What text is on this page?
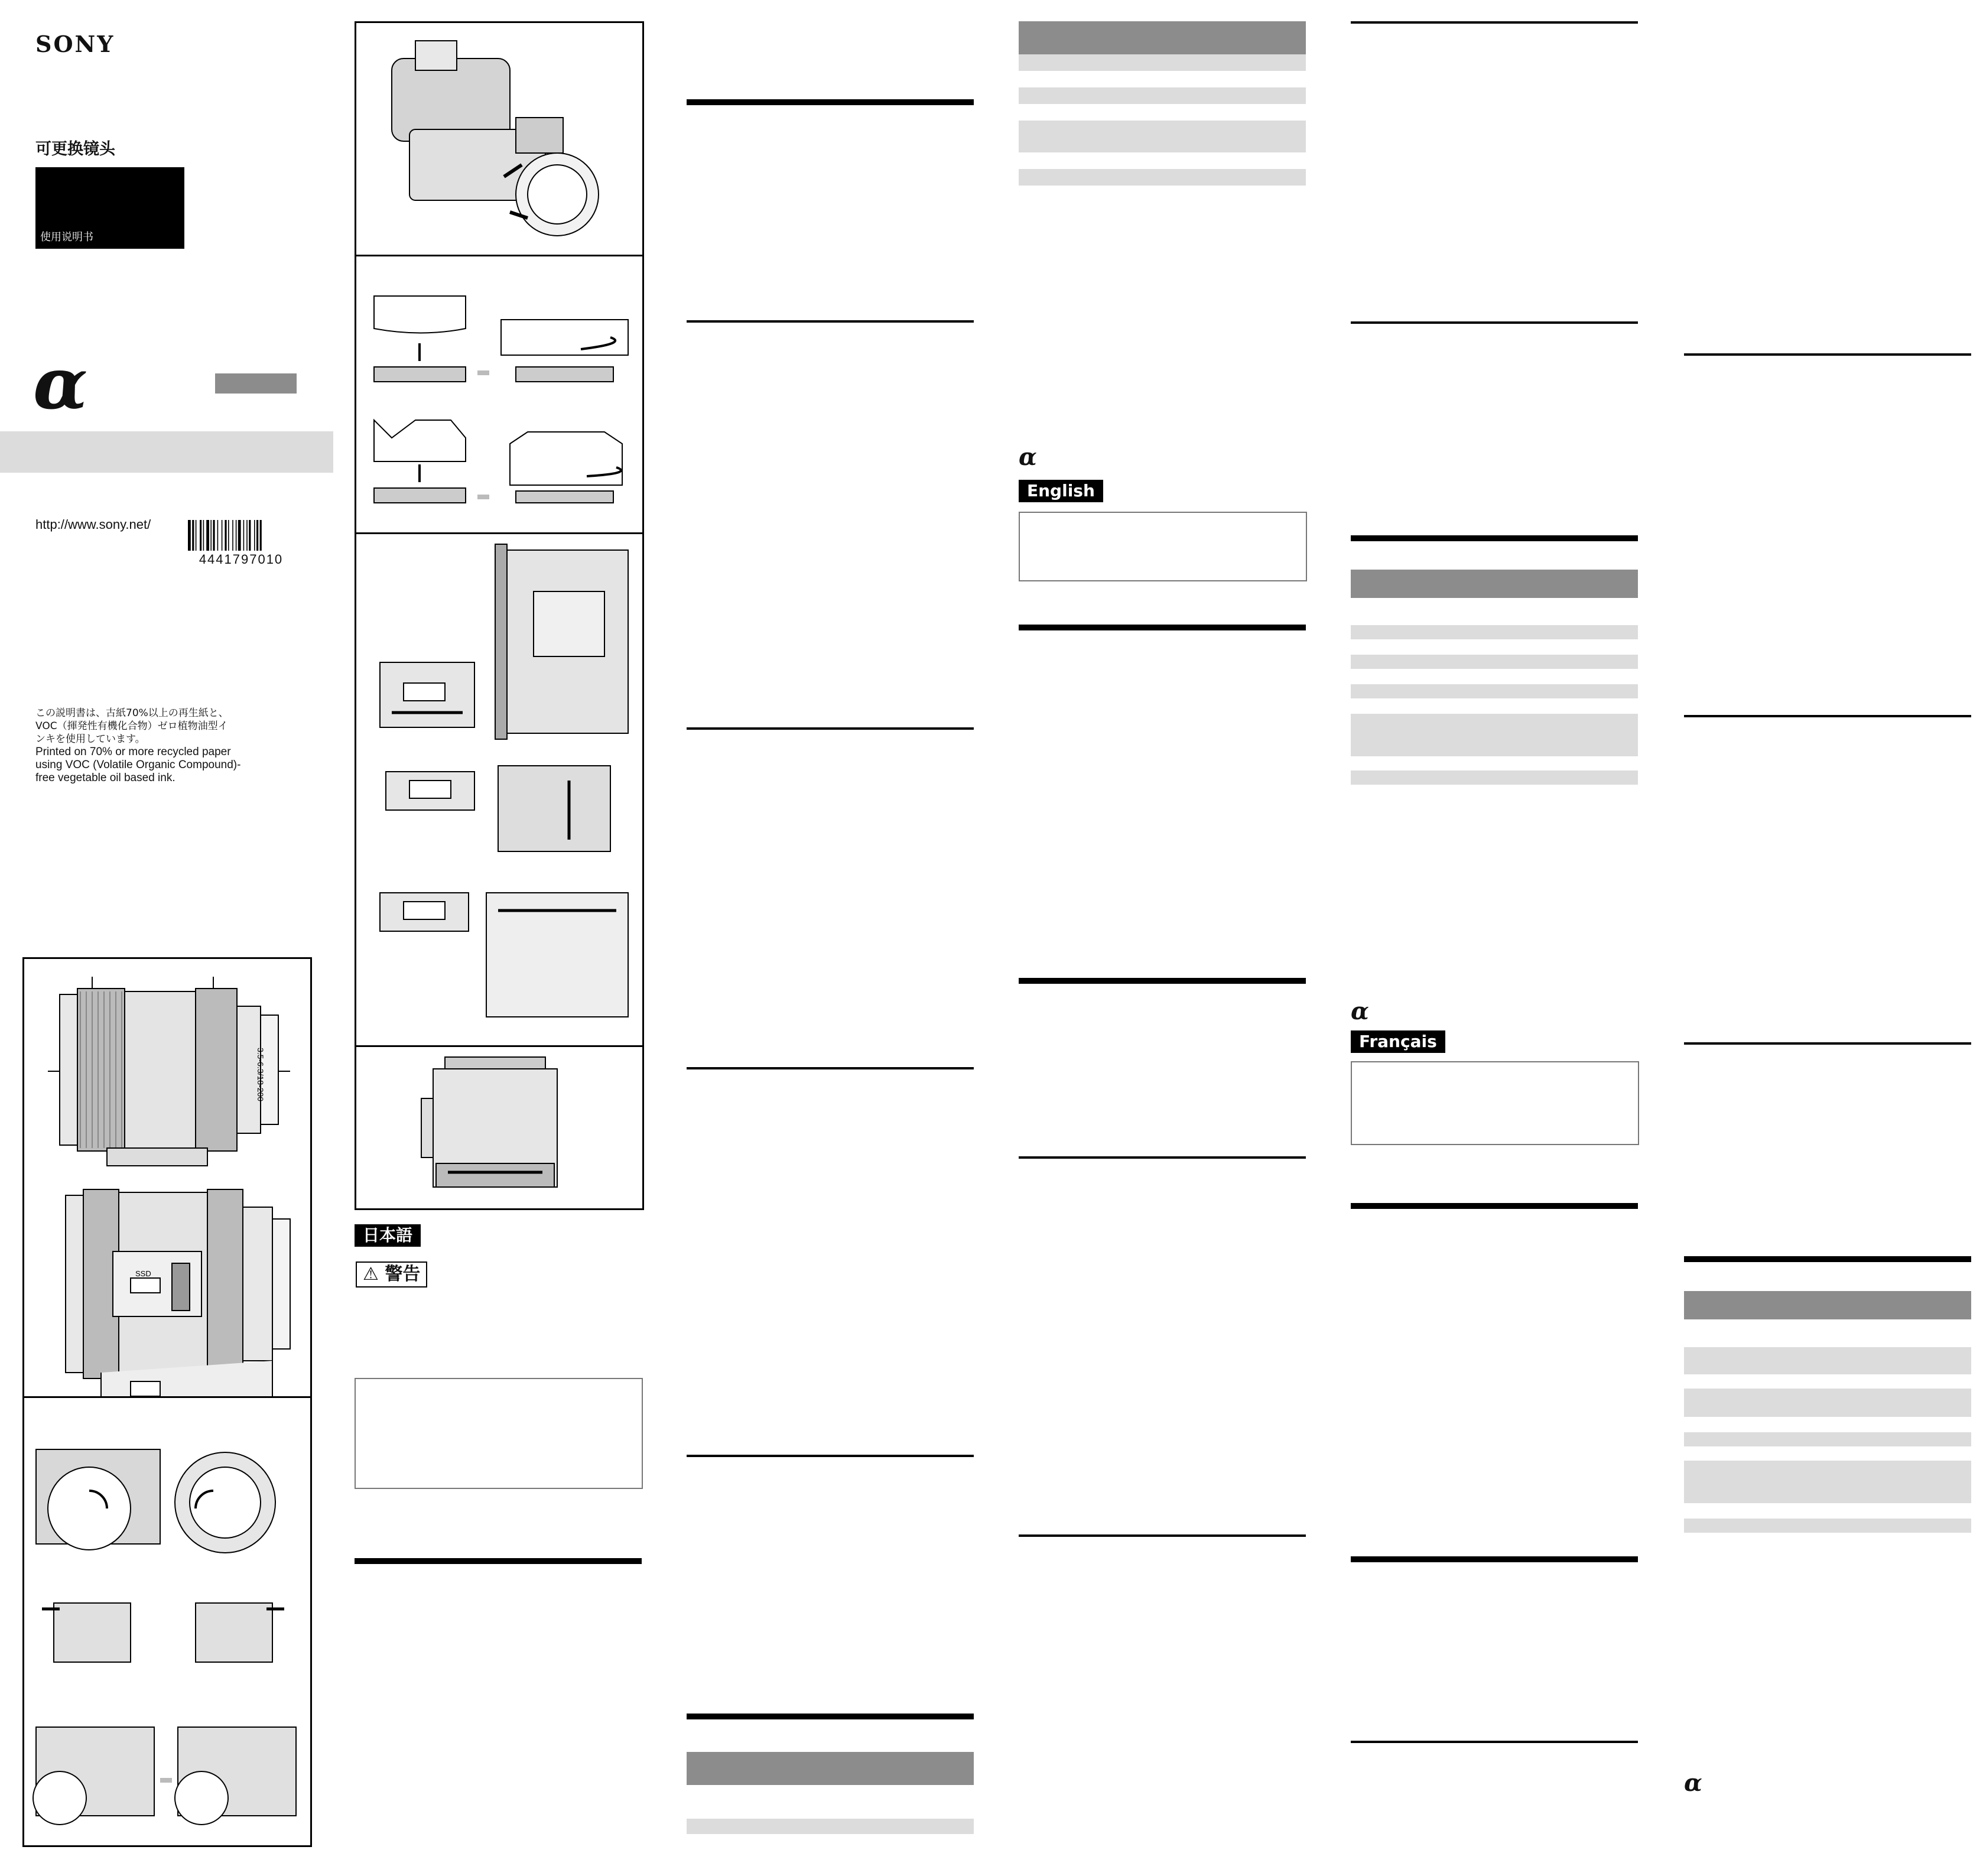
SONY
可更换镜头
使用说明书
α
http://www.sony.net/
4441797010
この説明書は、古紙70%以上の再生紙と、VOC（揮発性有機化合物）ゼロ植物油型インキを使用しています。
Printed on 70% or more recycled paper using VOC (Volatile Organic Compound)-free vegetable oil based ink.
3.5-6.3/18-200
SSD
日本語
⚠ 警告
α
English
α
Français
α
